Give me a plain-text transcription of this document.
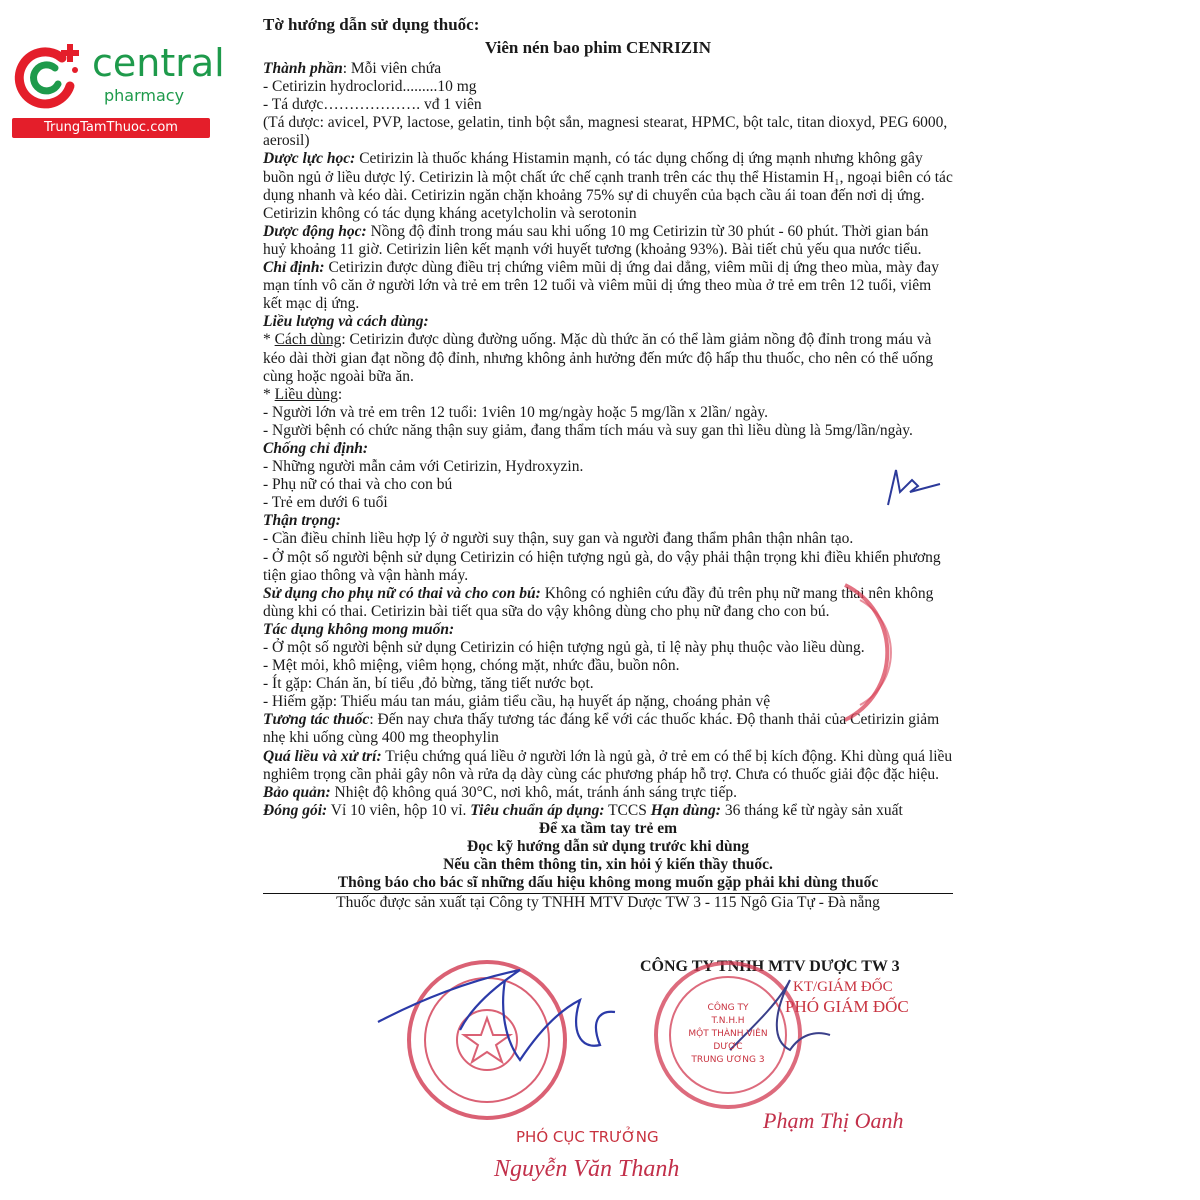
central
pharmacy
TrungTamThuoc.com

Tờ hướng dẫn sử dụng thuốc:

Viên nén bao phim CENRIZIN

Thành phần: Mỗi viên chứa

- Cetirizin hydroclorid.........10 mg

- Tá dược………………. vđ 1 viên

(Tá dược: avicel, PVP, lactose, gelatin, tinh bột sắn, magnesi stearat, HPMC, bột talc, titan dioxyd, PEG 6000, aerosil)

Dược lực học: Cetirizin là thuốc kháng Histamin mạnh, có tác dụng chống dị ứng mạnh nhưng không gây buồn ngủ ở liều dược lý. Cetirizin là một chất ức chế cạnh tranh trên các thụ thể Histamin H₁, ngoại biên có tác dụng nhanh và kéo dài. Cetirizin ngăn chặn khoảng 75% sự di chuyển của bạch cầu ái toan đến nơi dị ứng. Cetirizin không có tác dụng kháng acetylcholin và serotonin

Dược động học: Nồng độ đỉnh trong máu sau khi uống 10 mg Cetirizin từ 30 phút - 60 phút. Thời gian bán huỷ khoảng 11 giờ. Cetirizin liên kết mạnh với huyết tương (khoảng 93%). Bài tiết chủ yếu qua nước tiểu.

Chỉ định: Cetirizin được dùng điều trị chứng viêm mũi dị ứng dai dẳng, viêm mũi dị ứng theo mùa, mày đay mạn tính vô căn ở người lớn và trẻ em trên 12 tuổi và viêm mũi dị ứng theo mùa ở trẻ em trên 12 tuổi, viêm kết mạc dị ứng.

Liều lượng và cách dùng:

* Cách dùng: Cetirizin được dùng đường uống. Mặc dù thức ăn có thể làm giảm nồng độ đỉnh trong máu và kéo dài thời gian đạt nồng độ đỉnh, nhưng không ảnh hưởng đến mức độ hấp thu thuốc, cho nên có thể uống cùng hoặc ngoài bữa ăn.

* Liều dùng:

- Người lớn và trẻ em trên 12 tuổi: 1viên 10 mg/ngày hoặc 5 mg/lần x 2lần/ ngày.

- Người bệnh có chức năng thận suy giảm, đang thẩm tích máu và suy gan thì liều dùng là 5mg/lần/ngày.

Chống chỉ định:

- Những người mẫn cảm với Cetirizin, Hydroxyzin.

- Phụ nữ có thai và cho con bú

- Trẻ em dưới 6 tuổi

Thận trọng:

- Cần điều chỉnh liều hợp lý ở người suy thận, suy gan và người đang thẩm phân thận nhân tạo.

- Ở một số người bệnh sử dụng Cetirizin có hiện tượng ngủ gà, do vậy phải thận trọng khi điều khiển phương tiện giao thông và vận hành máy.

Sử dụng cho phụ nữ có thai và cho con bú: Không có nghiên cứu đầy đủ trên phụ nữ mang thai nên không dùng khi có thai. Cetirizin bài tiết qua sữa do vậy không dùng cho phụ nữ đang cho con bú.

Tác dụng không mong muốn:

- Ở một số người bệnh sử dụng Cetirizin có hiện tượng ngủ gà, tỉ lệ này phụ thuộc vào liều dùng.

- Mệt mỏi, khô miệng, viêm họng, chóng mặt, nhức đầu, buồn nôn.

- Ít gặp: Chán ăn, bí tiểu ,đỏ bừng, tăng tiết nước bọt.

- Hiếm gặp: Thiếu máu tan máu, giảm tiểu cầu, hạ huyết áp nặng, choáng phản vệ

Tương tác thuốc: Đến nay chưa thấy tương tác đáng kể với các thuốc khác. Độ thanh thải của Cetirizin giảm nhẹ khi uống cùng 400 mg theophylin

Quá liều và xử trí: Triệu chứng quá liều ở người lớn là ngủ gà, ở trẻ em có thể bị kích động. Khi dùng quá liều nghiêm trọng cần phải gây nôn và rửa dạ dày cùng các phương pháp hỗ trợ. Chưa có thuốc giải độc đặc hiệu.

Bảo quản: Nhiệt độ không quá 30°C, nơi khô, mát, tránh ánh sáng trực tiếp.

Đóng gói: Vỉ 10 viên, hộp 10 vỉ. Tiêu chuẩn áp dụng: TCCS Hạn dùng: 36 tháng kể từ ngày sản xuất

Để xa tầm tay trẻ em

Đọc kỹ hướng dẫn sử dụng trước khi dùng

Nếu cần thêm thông tin, xin hỏi ý kiến thầy thuốc.

Thông báo cho bác sĩ những dấu hiệu không mong muốn gặp phải khi dùng thuốc

Thuốc được sản xuất tại Công ty TNHH MTV Dược TW 3 - 115 Ngô Gia Tự - Đà nẵng

CÔNG TY TNHH MTV DƯỢC TW 3
KT/GIÁM ĐỐC
PHÓ GIÁM ĐỐC
CÔNG TY
T.N.H.H
MỘT THÀNH VIÊN
DƯỢC
TRUNG ƯƠNG 3
Phạm Thị Oanh
PHÓ CỤC TRƯỞNG
Nguyễn Văn Thanh
